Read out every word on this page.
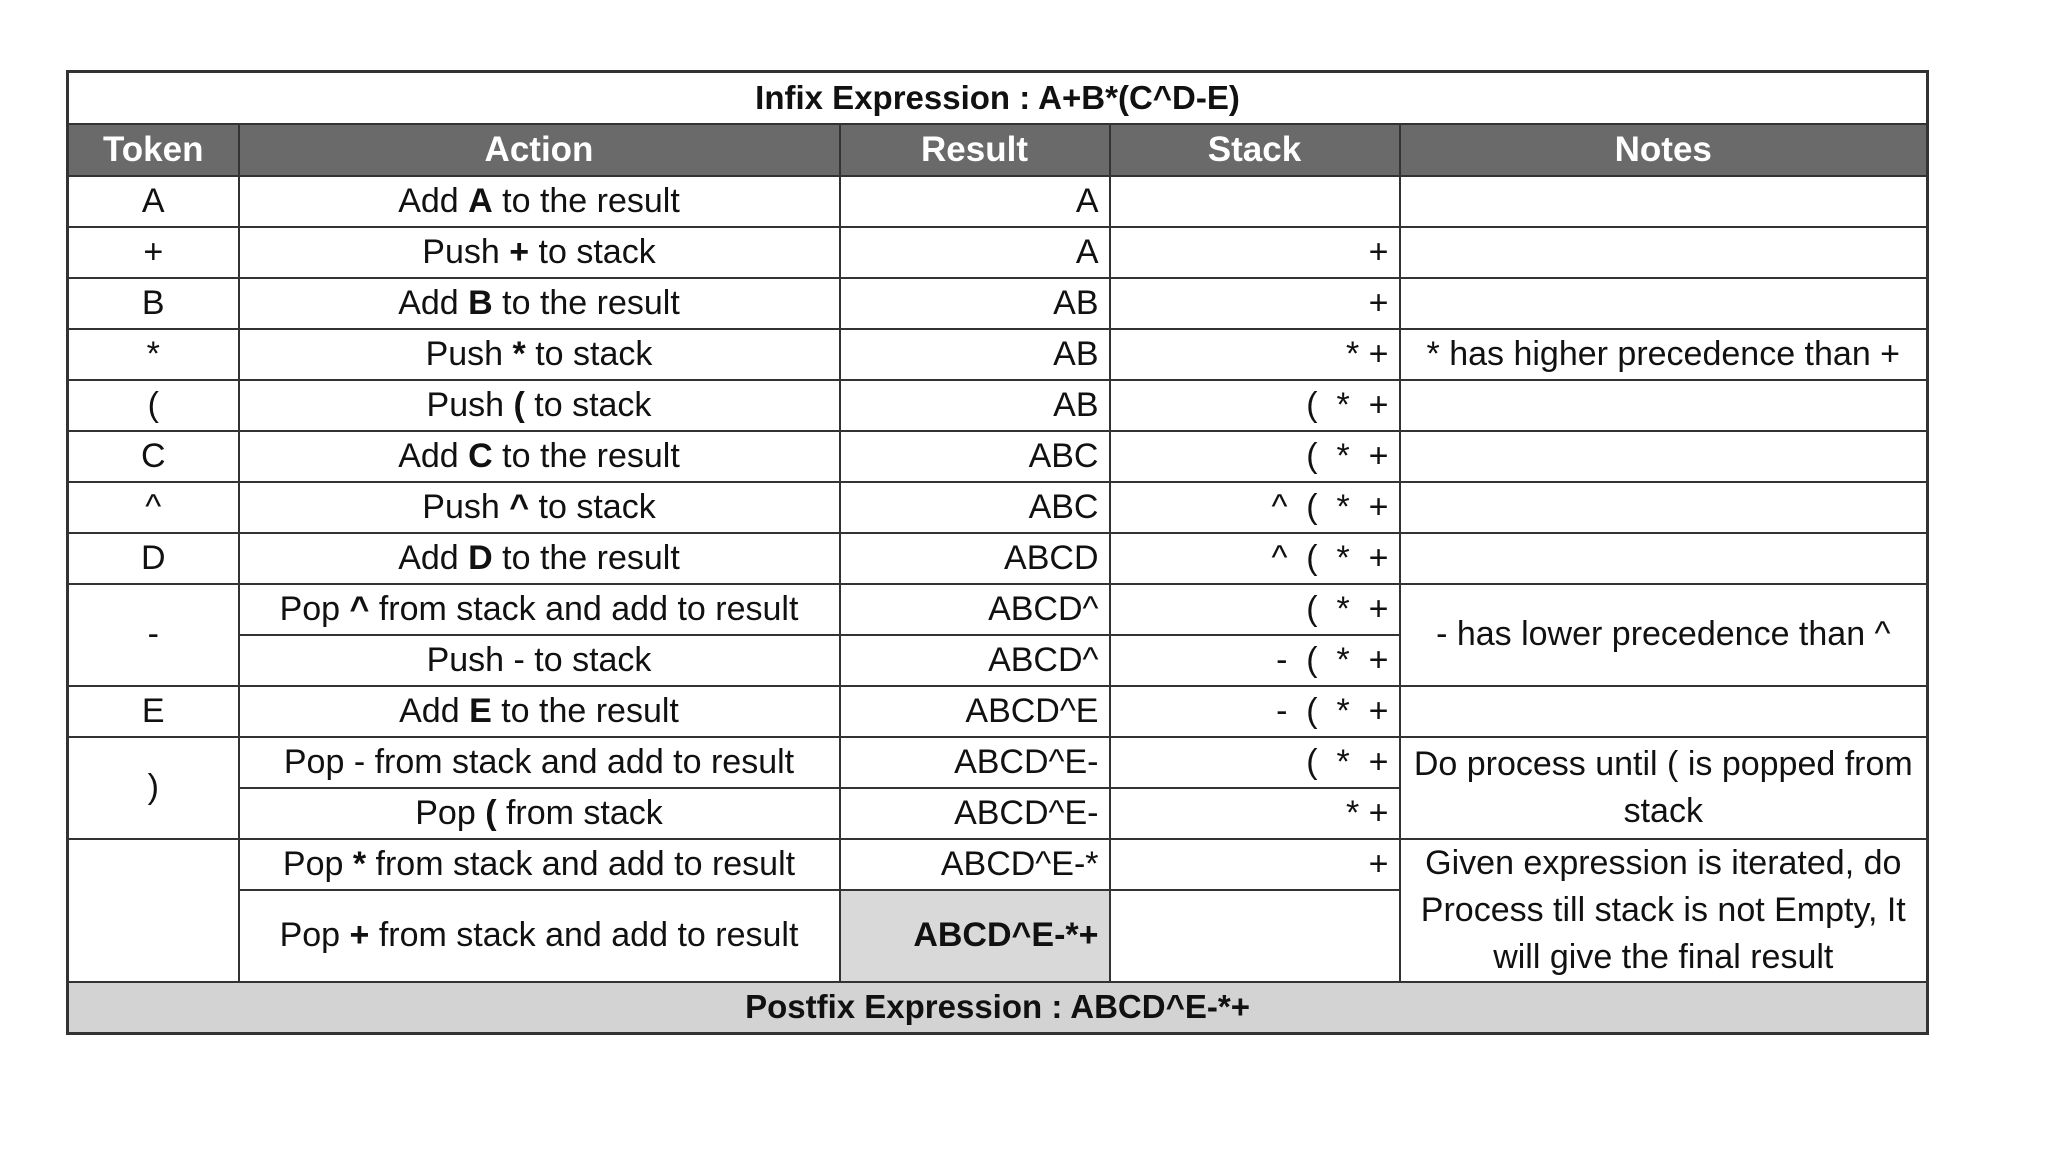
Infix Expression : A+B*(C^D-E)				
Token	Action	Result	Stack	Notes
A	Add A to the result	A		
+	Push + to stack	A	+	
B	Add B to the result	AB	+	
*	Push * to stack	AB	* +	* has higher precedence than +
(	Push ( to stack	AB	(  *  +	
C	Add C to the result	ABC	(  *  +	
^	Push ^ to stack	ABC	^  (  *  +	
D	Add D to the result	ABCD	^  (  *  +	
-	Pop ^ from stack and add to result	ABCD^	(  *  +	- has lower precedence than ^
	Push - to stack	ABCD^	-  (  *  +	
E	Add E to the result	ABCD^E	-  (  *  +	
)	Pop - from stack and add to result	ABCD^E-	(  *  +	Do process until ( is popped from stack
	Pop ( from stack	ABCD^E-	* +	
	Pop * from stack and add to result	ABCD^E-*	+	Given expression is iterated, do Process till stack is not Empty, It will give the final result
	Pop + from stack and add to result	ABCD^E-*+		
Postfix Expression : ABCD^E-*+				
